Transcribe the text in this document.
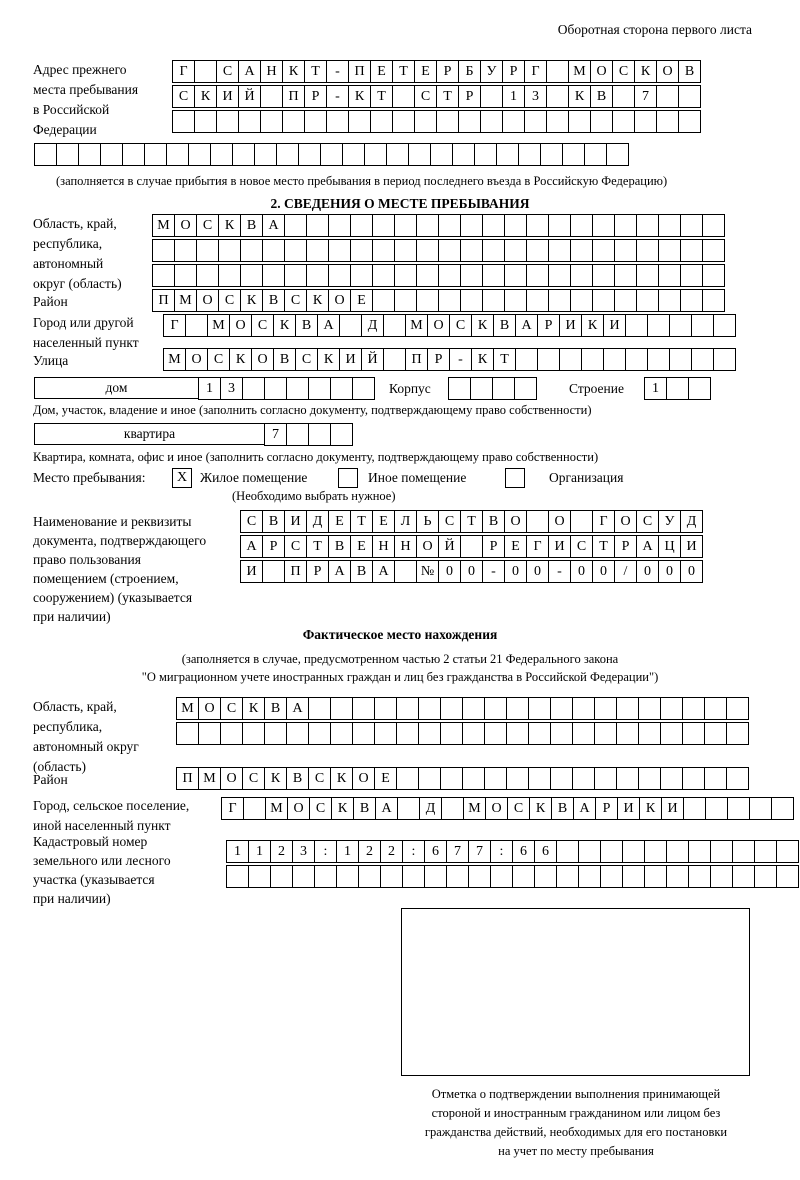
Оборотная сторона первого листа
Адрес прежнего
места пребывания
в Российской
Федерации
Г	С А Н К Т	-	П Е Т Е Р	Б У Р	Г	М О С К О В
С К И Й	П Р	-	К Т	С Т Р	1	3	К В	7
(заполняется в случае прибытия в новое место пребывания в период последнего въезда в Российскую Федерацию)
2. СВЕДЕНИЯ О МЕСТЕ ПРЕБЫВАНИЯ
Область, край,
республика,
автономный
округ (область)
М О С К В А
Район	П М О С К В С К О Е
Город или другой
населенный пункт
Г	М О С К В А	Д	М О С К В А Р И К И
Улица	М О С К О В С К И Й	П Р	-	К Т
дом	1	3	Корпус	Строение	1
Дом, участок, владение и иное (заполнить согласно документу, подтверждающему право собственности)
квартира	7
Квартира, комната, офис и иное (заполнить согласно документу, подтверждающему право собственности)
Место пребывания:	X Жилое помещение	Иное помещение	Организация
(Необходимо выбрать нужное)
Наименование и реквизиты
документа, подтверждающего
право пользования
помещением (строением,
сооружением) (указывается
при наличии)
С В И Д Е Т Е Л Ь С Т В О	О	Г О С У Д
А Р С Т В Е Н Н О Й	Р Е Г И С Т Р А Ц И
И	П Р А В А	№ 0	0	-	0	0	-	0	0	/	0	0	0
Фактическое место нахождения
(заполняется в случае, предусмотренном частью 2 статьи 21 Федерального закона
"О миграционном учете иностранных граждан и лиц без гражданства в Российской Федерации")
Область, край,
республика,
автономный округ
(область)
М О С К В А
Район	П М О С К В С К О Е
Город, сельское поселение,
иной населенный пункт
Г	М О С К В А	Д	М О С К В А Р И К И
Кадастровый номер
земельного или лесного
участка (указывается
при наличии)
1	1	2	3	:	1	2	2	:	6	7	7	:	6	6
Отметка о подтверждении выполнения принимающей
стороной и иностранным гражданином или лицом без
гражданства действий, необходимых для его постановки
на учет по месту пребывания
